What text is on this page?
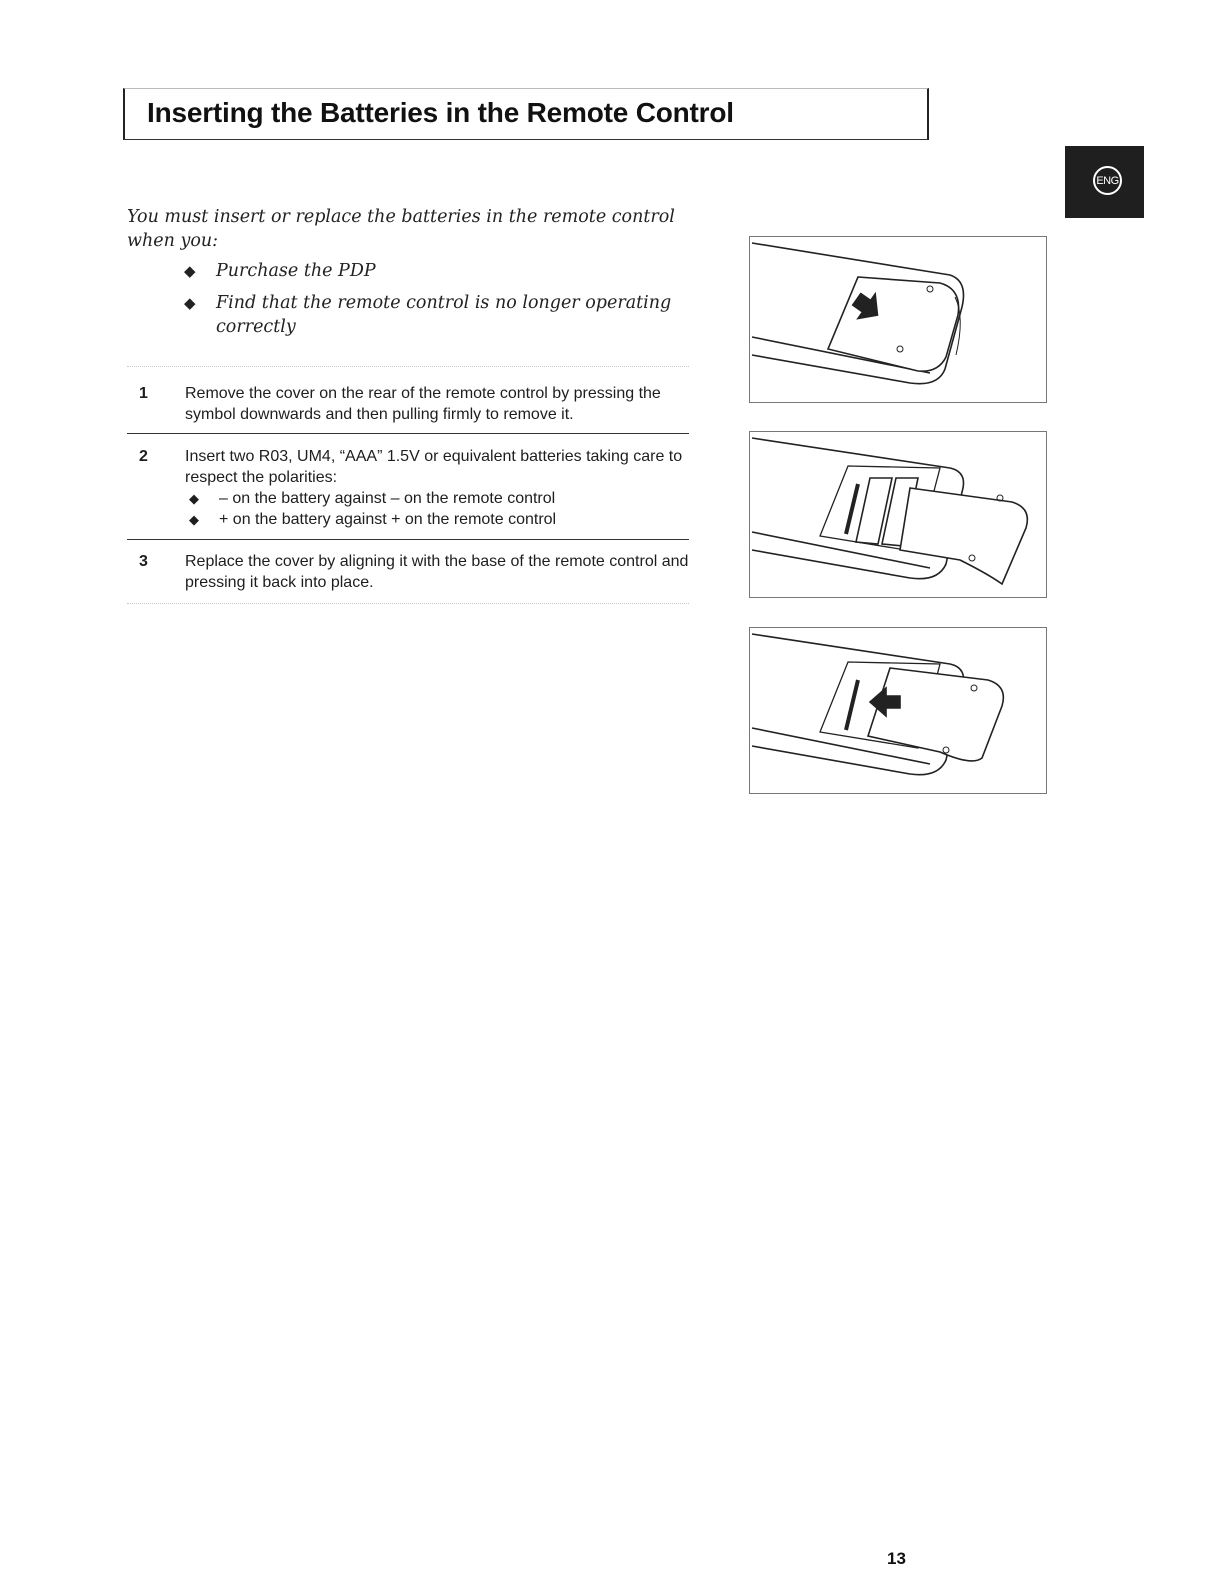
Inserting the Batteries in the Remote Control
ENG
You must insert or replace the batteries in the remote control when you:
◆ Purchase the PDP
◆ Find that the remote control is no longer operating correctly
1 Remove the cover on the rear of the remote control by pressing the symbol downwards and then pulling firmly to remove it.
2 Insert two R03, UM4, “AAA” 1.5V or equivalent batteries taking care to respect the polarities:
◆ – on the battery against – on the remote control
◆ + on the battery against + on the remote control
3 Replace the cover by aligning it with the base of the remote control and pressing it back into place.
13
